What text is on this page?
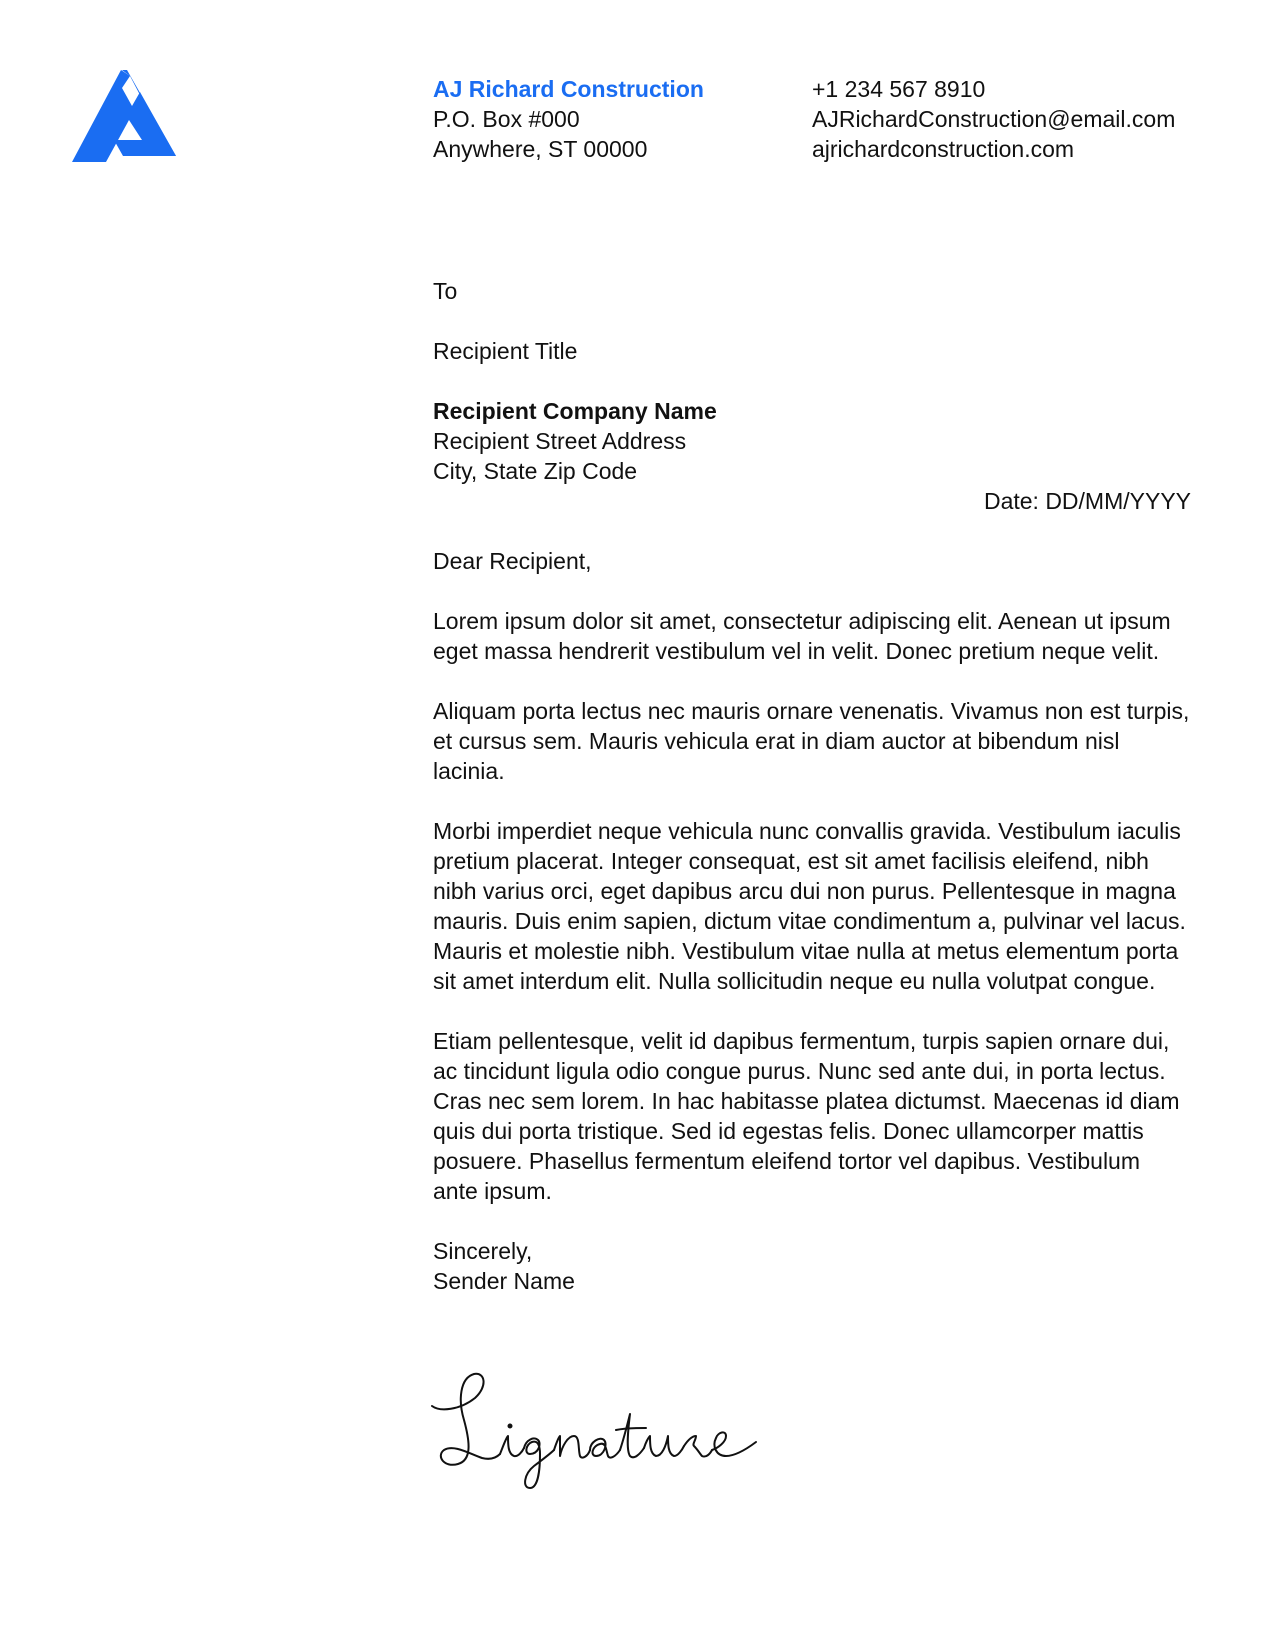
AJ Richard Construction
P.O. Box #000
Anywhere, ST 00000
+1 234 567 8910
AJRichardConstruction@email.com
ajrichardconstruction.com
To
Recipient Title
Recipient Company Name
Recipient Street Address
City, State Zip Code
Date: DD/MM/YYYY
Dear Recipient,

Lorem ipsum dolor sit amet, consectetur adipiscing elit. Aenean ut ipsum eget massa hendrerit vestibulum vel in velit. Donec pretium neque velit.

Aliquam porta lectus nec mauris ornare venenatis. Vivamus non est turpis, et cursus sem. Mauris vehicula erat in diam auctor at bibendum nisl lacinia.

Morbi imperdiet neque vehicula nunc convallis gravida. Vestibulum iaculis pretium placerat. Integer consequat, est sit amet facilisis eleifend, nibh nibh varius orci, eget dapibus arcu dui non purus. Pellentesque in magna mauris. Duis enim sapien, dictum vitae condimentum a, pulvinar vel lacus. Mauris et molestie nibh. Vestibulum vitae nulla at metus elementum porta sit amet interdum elit. Nulla sollicitudin neque eu nulla volutpat congue.

Etiam pellentesque, velit id dapibus fermentum, turpis sapien ornare dui, ac tincidunt ligula odio congue purus. Nunc sed ante dui, in porta lectus. Cras nec sem lorem. In hac habitasse platea dictumst. Maecenas id diam quis dui porta tristique. Sed id egestas felis. Donec ullamcorper mattis posuere. Phasellus fermentum eleifend tortor vel dapibus. Vestibulum ante ipsum.

Sincerely,
Sender Name
